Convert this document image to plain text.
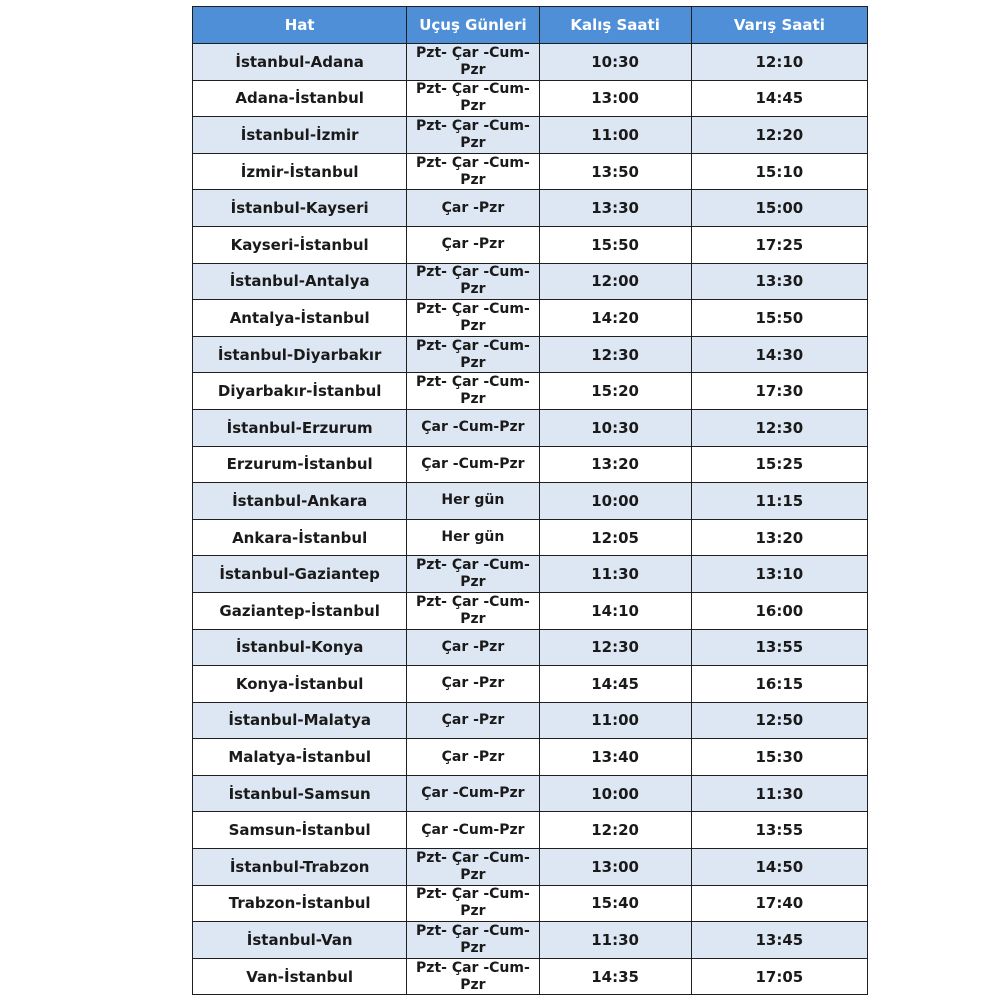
Hat	Uçuş Günleri	Kalış Saati	Varış Saati
İstanbul-Adana	Pzt- Çar -Cum-Pzr	10:30	12:10
Adana-İstanbul	Pzt- Çar -Cum-Pzr	13:00	14:45
İstanbul-İzmir	Pzt- Çar -Cum-Pzr	11:00	12:20
İzmir-İstanbul	Pzt- Çar -Cum-Pzr	13:50	15:10
İstanbul-Kayseri	Çar -Pzr	13:30	15:00
Kayseri-İstanbul	Çar -Pzr	15:50	17:25
İstanbul-Antalya	Pzt- Çar -Cum-Pzr	12:00	13:30
Antalya-İstanbul	Pzt- Çar -Cum-Pzr	14:20	15:50
İstanbul-Diyarbakır	Pzt- Çar -Cum-Pzr	12:30	14:30
Diyarbakır-İstanbul	Pzt- Çar -Cum-Pzr	15:20	17:30
İstanbul-Erzurum	Çar -Cum-Pzr	10:30	12:30
Erzurum-İstanbul	Çar -Cum-Pzr	13:20	15:25
İstanbul-Ankara	Her gün	10:00	11:15
Ankara-İstanbul	Her gün	12:05	13:20
İstanbul-Gaziantep	Pzt- Çar -Cum-Pzr	11:30	13:10
Gaziantep-İstanbul	Pzt- Çar -Cum-Pzr	14:10	16:00
İstanbul-Konya	Çar -Pzr	12:30	13:55
Konya-İstanbul	Çar -Pzr	14:45	16:15
İstanbul-Malatya	Çar -Pzr	11:00	12:50
Malatya-İstanbul	Çar -Pzr	13:40	15:30
İstanbul-Samsun	Çar -Cum-Pzr	10:00	11:30
Samsun-İstanbul	Çar -Cum-Pzr	12:20	13:55
İstanbul-Trabzon	Pzt- Çar -Cum-Pzr	13:00	14:50
Trabzon-İstanbul	Pzt- Çar -Cum-Pzr	15:40	17:40
İstanbul-Van	Pzt- Çar -Cum-Pzr	11:30	13:45
Van-İstanbul	Pzt- Çar -Cum-Pzr	14:35	17:05
